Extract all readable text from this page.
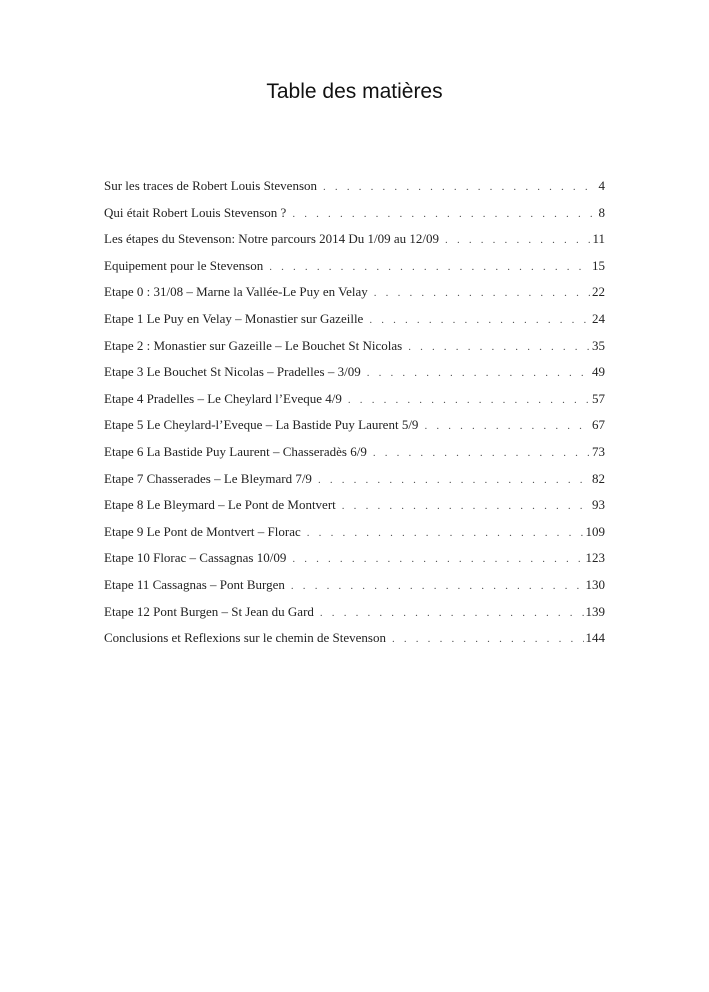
Table des matières
Sur les traces de Robert Louis Stevenson . . .	4
Qui était Robert Louis Stevenson ? . . .	8
Les étapes du Stevenson: Notre parcours 2014 Du 1/09 au 12/09 . . .	11
Equipement pour le Stevenson . . .	15
Etape 0 : 31/08 – Marne la Vallée-Le Puy en Velay . . .	22
Etape 1 Le Puy en Velay – Monastier sur Gazeille . . .	24
Etape 2 : Monastier sur Gazeille – Le Bouchet St Nicolas . . .	35
Etape 3 Le Bouchet St Nicolas – Pradelles – 3/09 . . .	49
Etape 4 Pradelles – Le Cheylard l’Eveque 4/9 . . .	57
Etape 5 Le Cheylard-l’Eveque – La Bastide Puy Laurent 5/9 . . .	67
Etape 6 La Bastide Puy Laurent – Chasseradès 6/9 . . .	73
Etape 7 Chasserades – Le Bleymard 7/9 . . .	82
Etape 8 Le Bleymard – Le Pont de Montvert . . .	93
Etape 9 Le Pont de Montvert – Florac . . .	109
Etape 10 Florac – Cassagnas 10/09 . . .	123
Etape 11 Cassagnas – Pont Burgen . . .	130
Etape 12 Pont Burgen – St Jean du Gard . . .	139
Conclusions et Reflexions sur le chemin de Stevenson . . .	144
